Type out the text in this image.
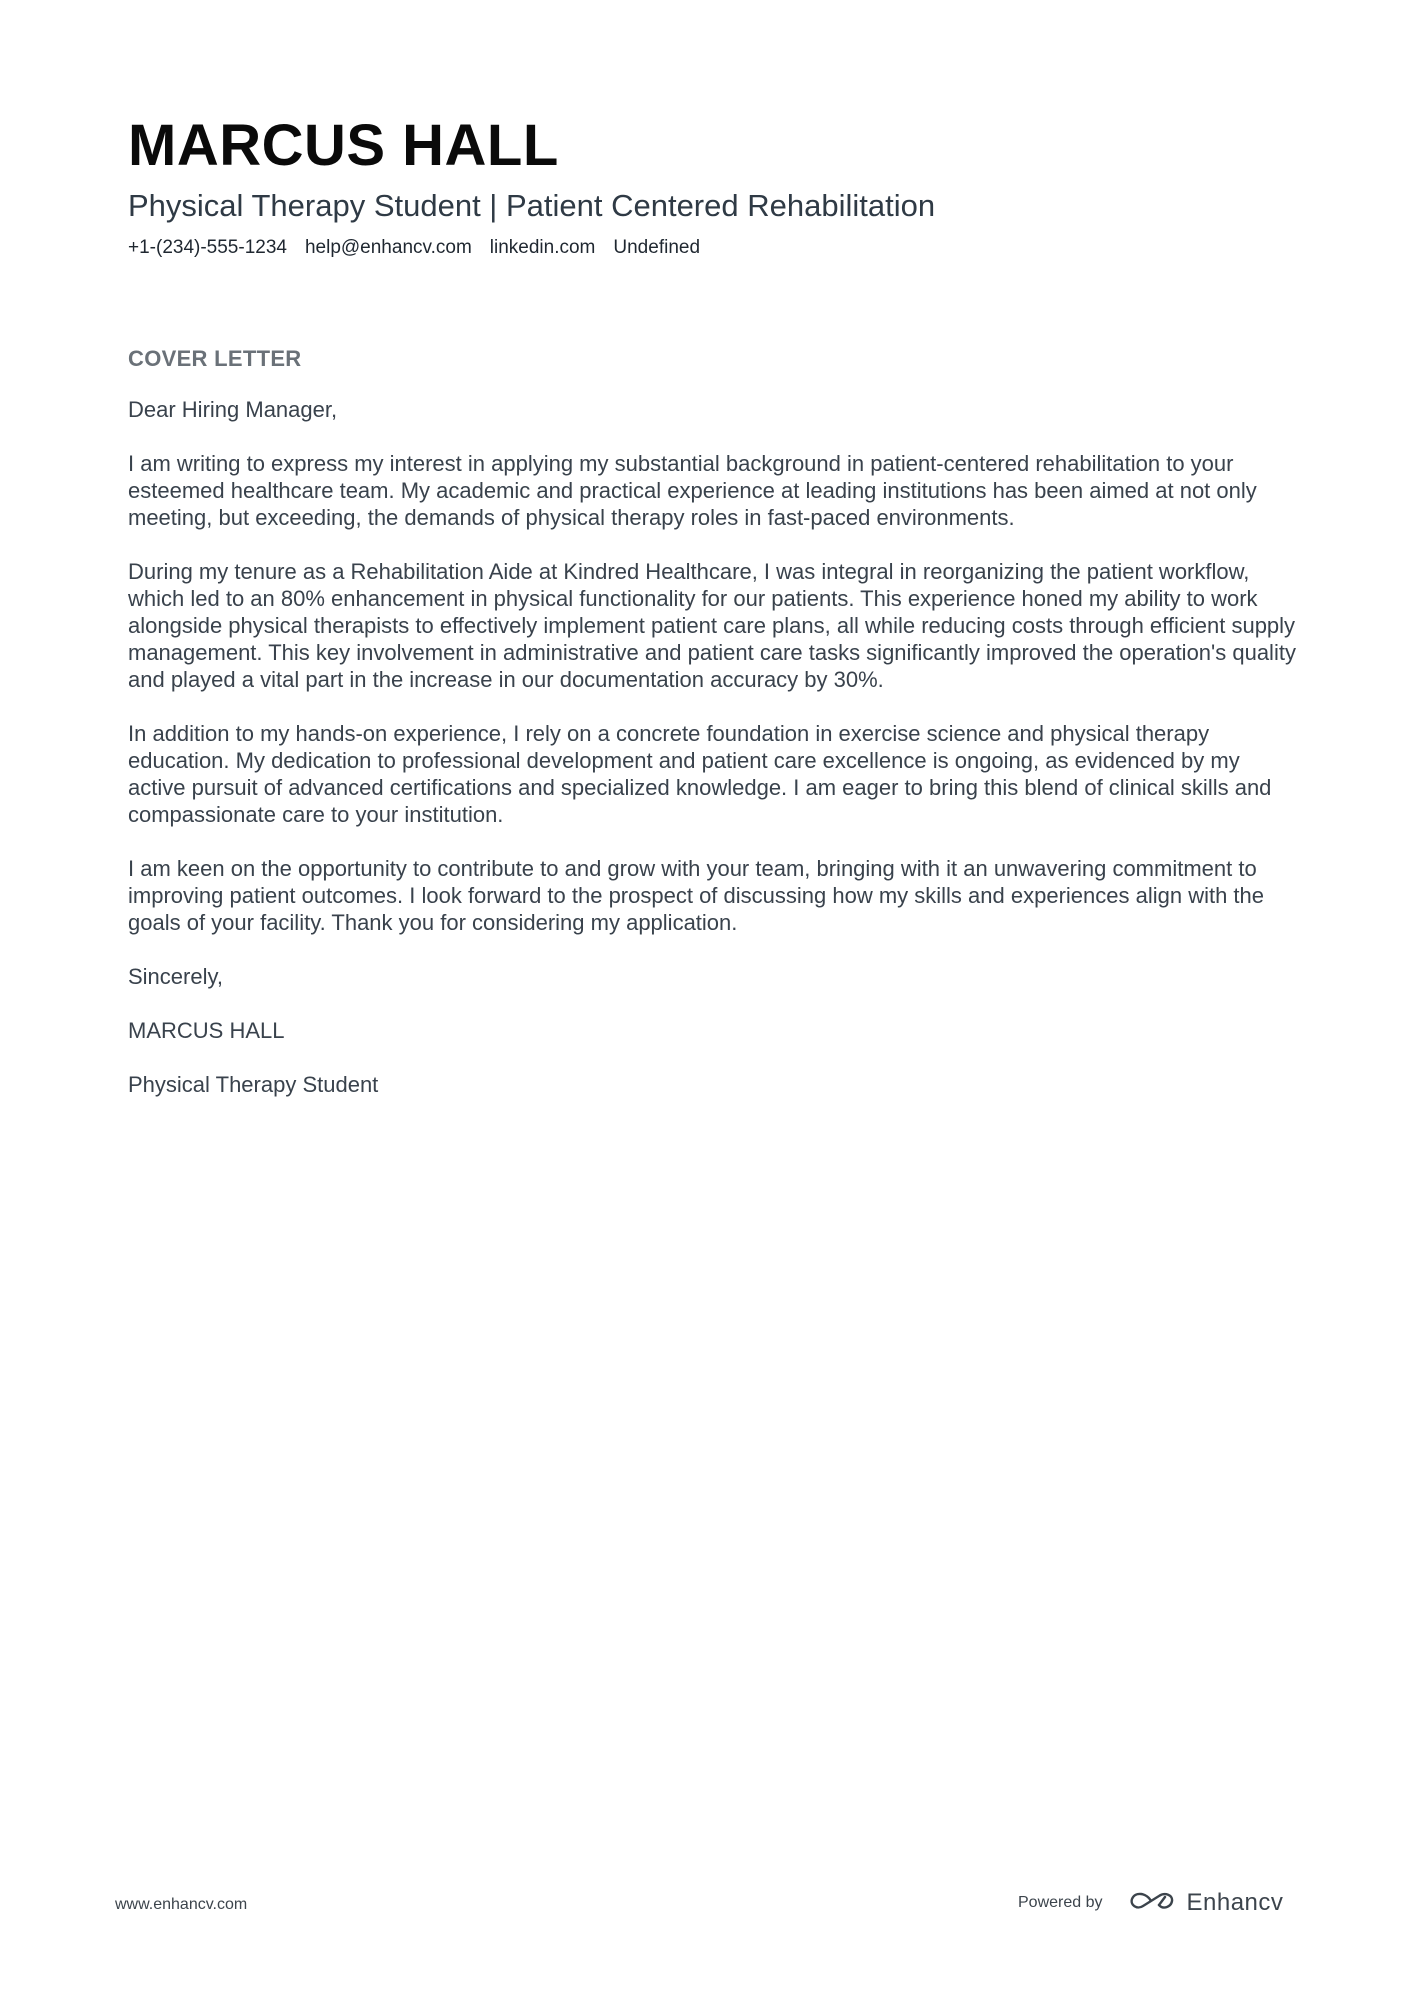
MARCUS HALL
Physical Therapy Student | Patient Centered Rehabilitation
+1-(234)-555-1234 help@enhancv.com linkedin.com Undefined
COVER LETTER

Dear Hiring Manager,

I am writing to express my interest in applying my substantial background in patient-centered rehabilitation to your esteemed healthcare team. My academic and practical experience at leading institutions has been aimed at not only meeting, but exceeding, the demands of physical therapy roles in fast-paced environments.

During my tenure as a Rehabilitation Aide at Kindred Healthcare, I was integral in reorganizing the patient workflow, which led to an 80% enhancement in physical functionality for our patients. This experience honed my ability to work alongside physical therapists to effectively implement patient care plans, all while reducing costs through efficient supply management. This key involvement in administrative and patient care tasks significantly improved the operation's quality and played a vital part in the increase in our documentation accuracy by 30%.

In addition to my hands-on experience, I rely on a concrete foundation in exercise science and physical therapy education. My dedication to professional development and patient care excellence is ongoing, as evidenced by my active pursuit of advanced certifications and specialized knowledge. I am eager to bring this blend of clinical skills and compassionate care to your institution.

I am keen on the opportunity to contribute to and grow with your team, bringing with it an unwavering commitment to improving patient outcomes. I look forward to the prospect of discussing how my skills and experiences align with the goals of your facility. Thank you for considering my application.

Sincerely,

MARCUS HALL

Physical Therapy Student

www.enhancv.com	Powered by	Enhancv
